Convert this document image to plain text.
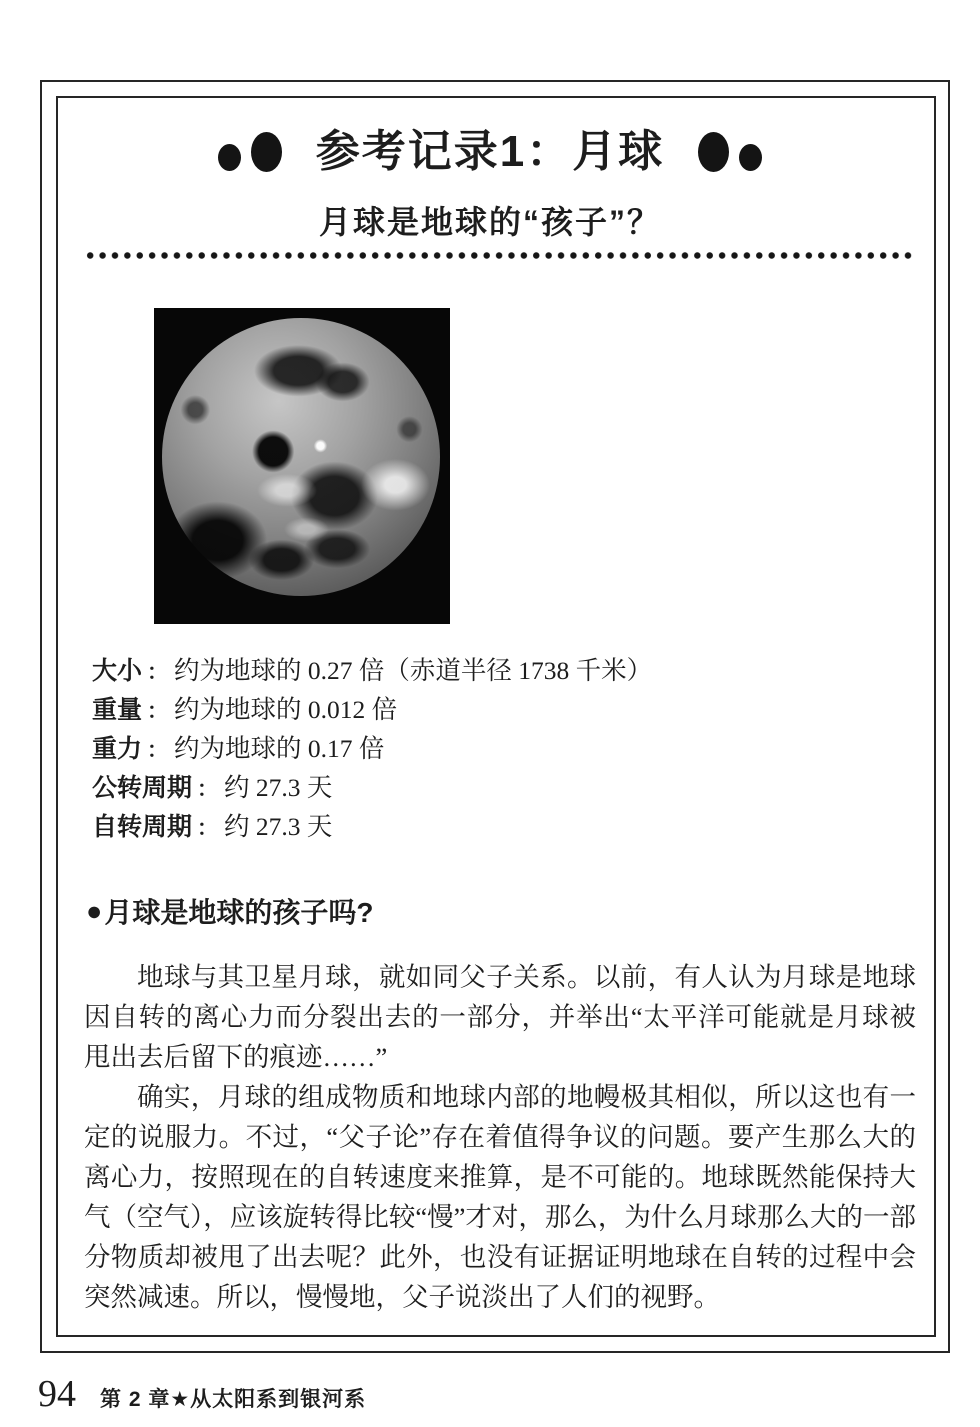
参考记录1：月球
月球是地球的“孩子”？
大小 ： 约为地球的 0.27 倍（赤道半径 1738 千米）
重量 ： 约为地球的 0.012 倍
重力 ： 约为地球的 0.17 倍
公转周期 ： 约 27.3 天
自转周期 ： 约 27.3 天
● 月球是地球的孩子吗?

地球与其卫星月球，就如同父子关系。以前，有人认为月球是地球因自转的离心力而分裂出去的一部分，并举出“太平洋可能就是月球被甩出去后留下的痕迹……”

确实，月球的组成物质和地球内部的地幔极其相似，所以这也有一定的说服力。不过，“父子论”存在着值得争议的问题。要产生那么大的离心力，按照现在的自转速度来推算，是不可能的。地球既然能保持大气（空气），应该旋转得比较“慢”才对，那么，为什么月球那么大的一部分物质却被甩了出去呢？此外，也没有证据证明地球在自转的过程中会突然减速。所以，慢慢地，父子说淡出了人们的视野。

94 第 2 章★从太阳系到银河系
